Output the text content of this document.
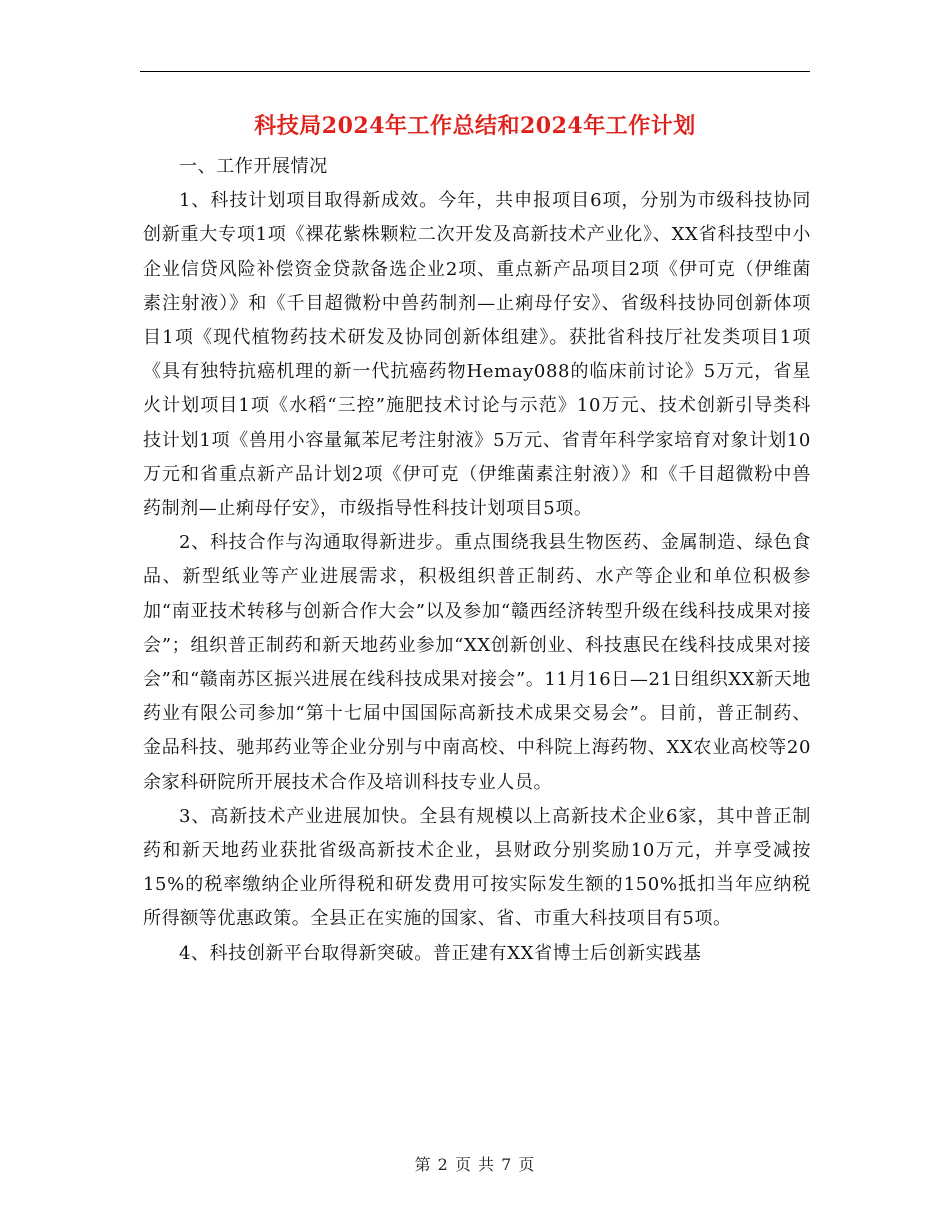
科技局2024年工作总结和2024年工作计划

一、工作开展情况

1、科技计划项目取得新成效。今年，共申报项目6项，分别为市级科技协同创新重大专项1项《裸花紫株颗粒二次开发及高新技术产业化》、XX省科技型中小企业信贷风险补偿资金贷款备选企业2项、重点新产品项目2项《伊可克（伊维菌素注射液）》和《千目超微粉中兽药制剂—止痢母仔安》、省级科技协同创新体项目1项《现代植物药技术研发及协同创新体组建》。获批省科技厅社发类项目1项《具有独特抗癌机理的新一代抗癌药物Hemay088的临床前讨论》5万元，省星火计划项目1项《水稻“三控”施肥技术讨论与示范》10万元、技术创新引导类科技计划1项《兽用小容量氟苯尼考注射液》5万元、省青年科学家培育对象计划10万元和省重点新产品计划2项《伊可克（伊维菌素注射液）》和《千目超微粉中兽药制剂—止痢母仔安》，市级指导性科技计划项目5项。

2、科技合作与沟通取得新进步。重点围绕我县生物医药、金属制造、绿色食品、新型纸业等产业进展需求，积极组织普正制药、水产等企业和单位积极参加“南亚技术转移与创新合作大会”以及参加“赣西经济转型升级在线科技成果对接会”；组织普正制药和新天地药业参加“XX创新创业、科技惠民在线科技成果对接会”和“赣南苏区振兴进展在线科技成果对接会”。11月16日—21日组织XX新天地药业有限公司参加“第十七届中国国际高新技术成果交易会”。目前，普正制药、金品科技、驰邦药业等企业分别与中南高校、中科院上海药物、XX农业高校等20余家科研院所开展技术合作及培训科技专业人员。

3、高新技术产业进展加快。全县有规模以上高新技术企业6家，其中普正制药和新天地药业获批省级高新技术企业，县财政分别奖励10万元，并享受减按15%的税率缴纳企业所得税和研发费用可按实际发生额的150%抵扣当年应纳税所得额等优惠政策。全县正在实施的国家、省、市重大科技项目有5项。

4、科技创新平台取得新突破。普正建有XX省博士后创新实践基

第 2 页 共 7 页
